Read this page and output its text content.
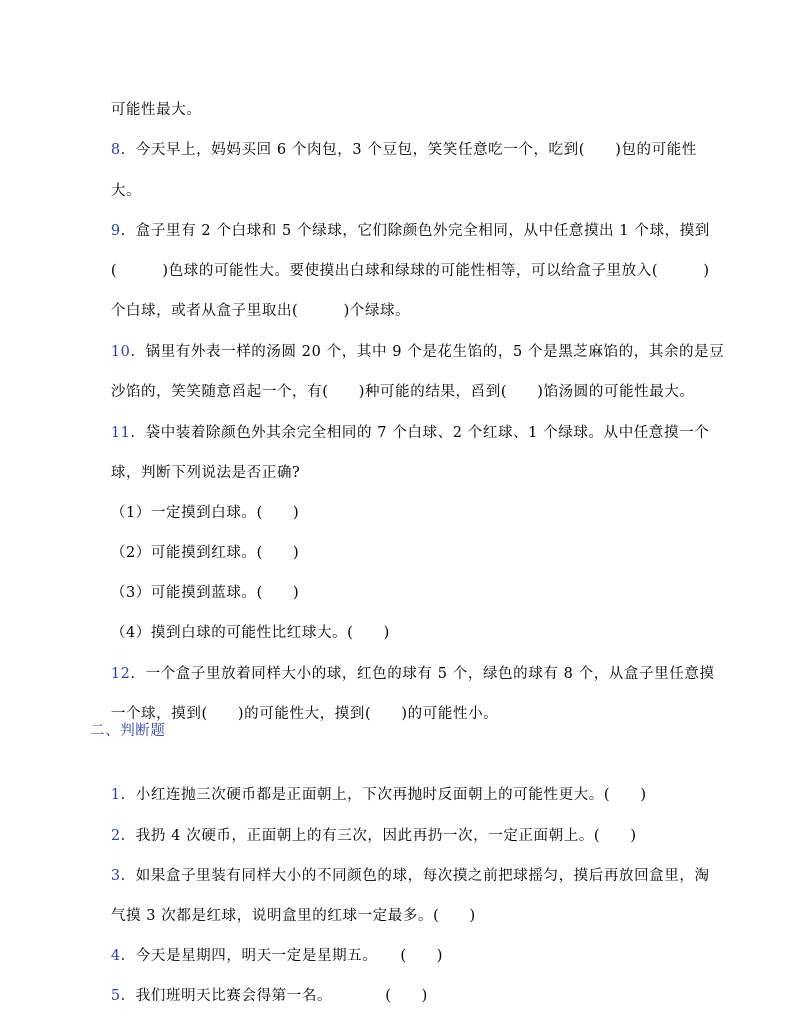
可能性最大。

8．今天早上，妈妈买回 6 个肉包，3 个豆包，笑笑任意吃一个，吃到(　　)包的可能性

大。

9．盒子里有 2 个白球和 5 个绿球，它们除颜色外完全相同，从中任意摸出 1 个球，摸到

(　　　)色球的可能性大。要使摸出白球和绿球的可能性相等，可以给盒子里放入(　　　)

个白球，或者从盒子里取出(　　　)个绿球。

10．锅里有外表一样的汤圆 20 个，其中 9 个是花生馅的，5 个是黑芝麻馅的，其余的是豆

沙馅的，笑笑随意舀起一个，有(　　)种可能的结果，舀到(　　)馅汤圆的可能性最大。

11．袋中装着除颜色外其余完全相同的 7 个白球、2 个红球、1 个绿球。从中任意摸一个

球，判断下列说法是否正确?

（1）一定摸到白球。(　　)

（2）可能摸到红球。(　　)

（3）可能摸到蓝球。(　　)

（4）摸到白球的可能性比红球大。(　　)

12．一个盒子里放着同样大小的球，红色的球有 5 个，绿色的球有 8 个，从盒子里任意摸

一个球，摸到(　　)的可能性大，摸到(　　)的可能性小。

二、判断题

1．小红连抛三次硬币都是正面朝上，下次再抛时反面朝上的可能性更大。(　　)

2．我扔 4 次硬币，正面朝上的有三次，因此再扔一次，一定正面朝上。(　　)

3．如果盒子里装有同样大小的不同颜色的球，每次摸之前把球摇匀，摸后再放回盒里，淘

气摸 3 次都是红球，说明盒里的红球一定最多。(　　)

4．今天是星期四，明天一定是星期五。　　(　　)

5．我们班明天比赛会得第一名。　　　　(　　)
